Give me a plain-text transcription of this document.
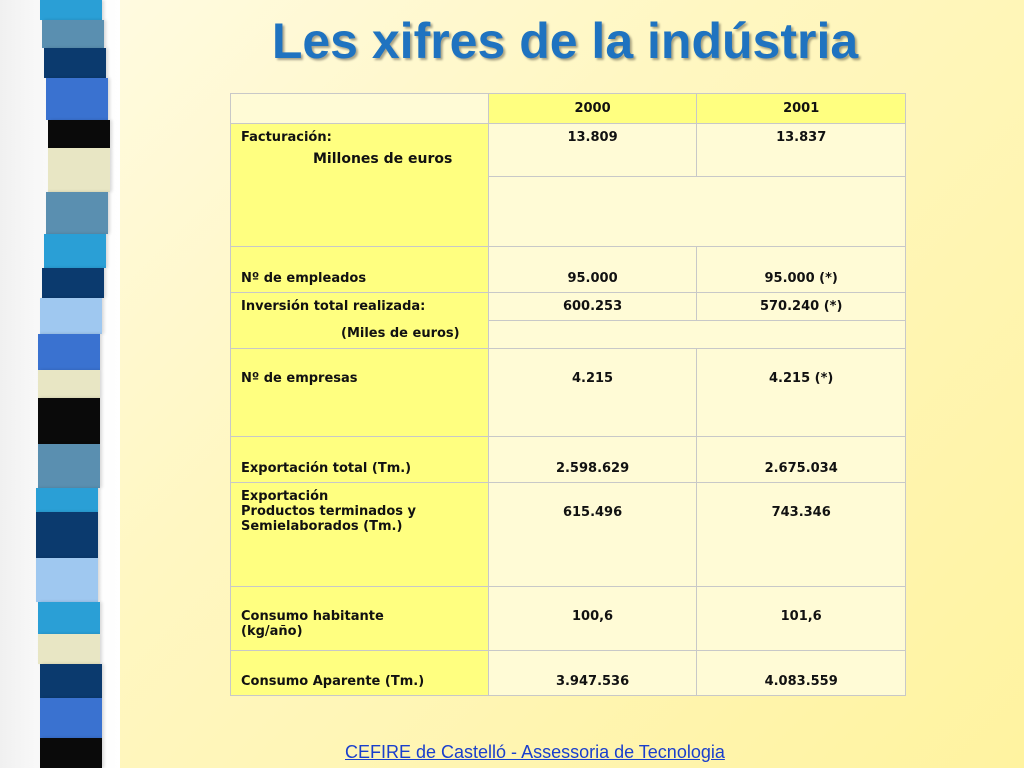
Les xifres de la indústria
	2000	2001

Facturación:
Millones de euros	13.809	13.837

Nº de empleados	95.000	95.000 (*)

Inversión total realizada:
(Miles de euros)	600.253	570.240 (*)

Nº de empresas	4.215	4.215 (*)
Exportación total (Tm.)	2.598.629	2.675.034

Exportación
Productos terminados y
Semielaborados (Tm.)	615.496	743.346

Consumo habitante
(kg/año)	100,6	101,6
Consumo Aparente (Tm.)	3.947.536	4.083.559
CEFIRE de Castelló - Assessoria de Tecnologia
